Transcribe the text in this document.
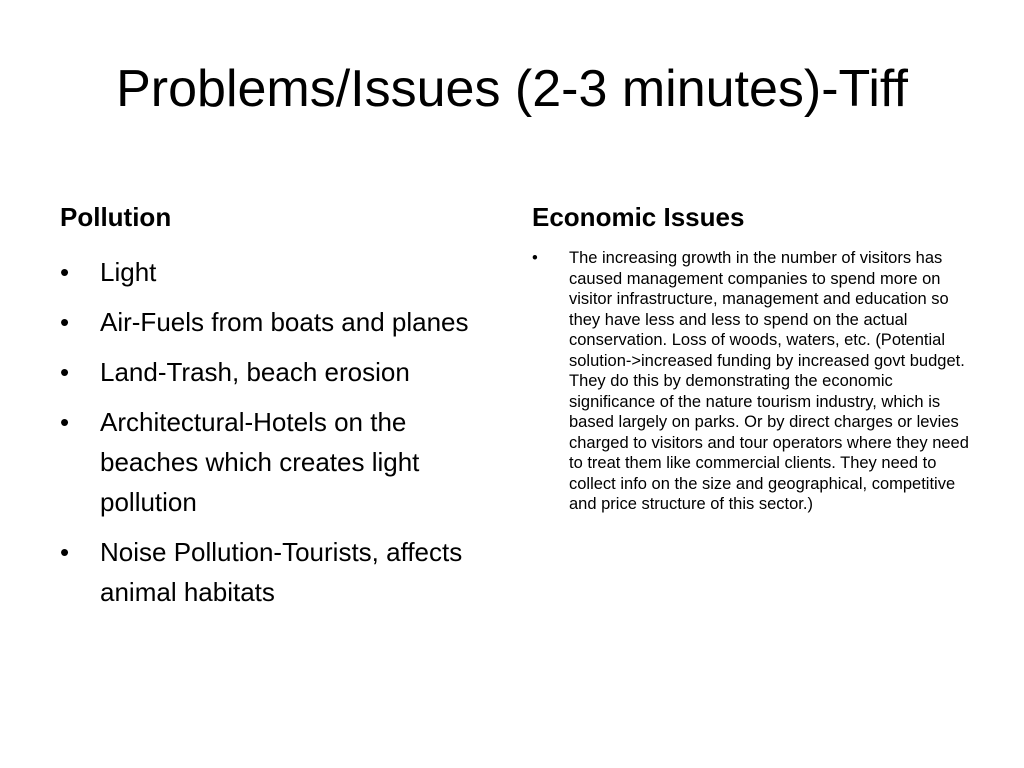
Problems/Issues (2-3 minutes)-Tiff
Pollution
•	Light
•	Air-Fuels from boats and planes
•	Land-Trash, beach erosion
•	Architectural-Hotels on the beaches which creates light pollution
•	Noise Pollution-Tourists, affects animal habitats
Economic Issues
•	The increasing growth in the number of visitors has caused management companies to spend more on visitor infrastructure, management and education so they have less and less to spend on the actual conservation. Loss of woods, waters, etc. (Potential solution->increased funding by increased govt budget. They do this by demonstrating the economic significance of the nature tourism industry, which is based largely on parks. Or by direct charges or levies charged to visitors and tour operators where they need to treat them like commercial clients. They need to collect info on the size and geographical, competitive and price structure of this sector.)
